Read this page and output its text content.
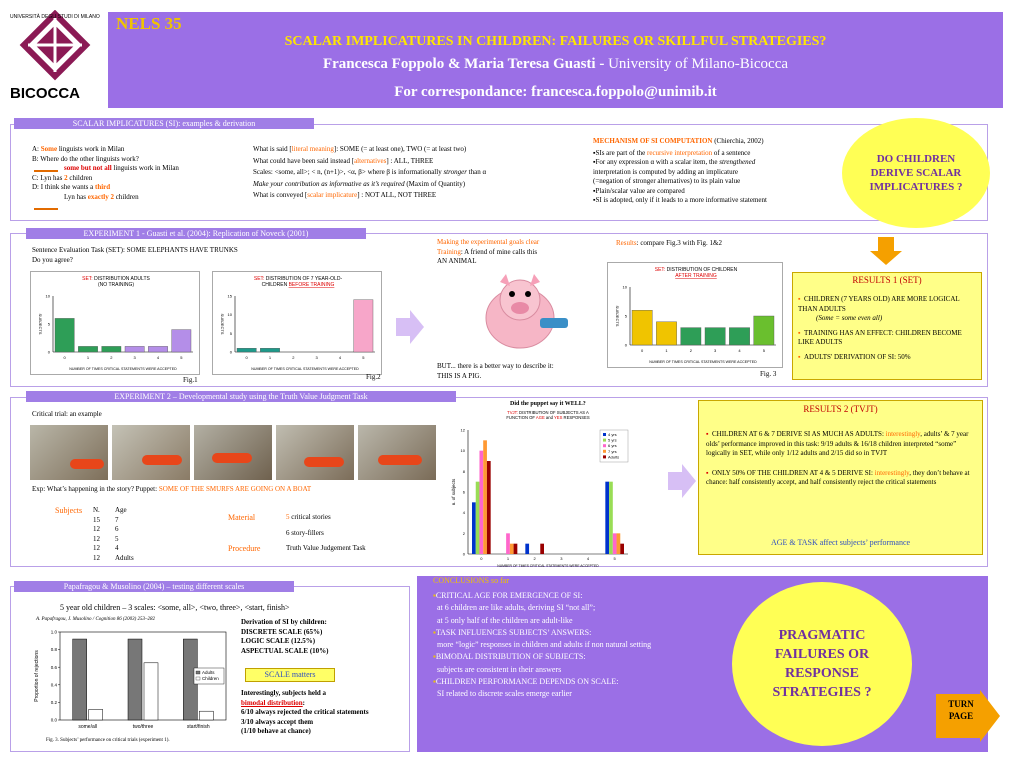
BICOCCA
UNIVERSITÀ DEGLI STUDI DI MILANO NELS 35
SCALAR IMPLICATURES IN CHILDREN: FAILURES OR SKILLFUL STRATEGIES?
Francesca Foppolo & Maria Teresa Guasti - University of Milano-Bicocca
For correspondance: francesca.foppolo@unimib.it
SCALAR IMPLICATURES (SI): examples & derivation
A: Some linguists work in Milan
B: Where do the other linguists work?
some but not all linguists work in Milan
C: Lyn has 2 children
D: I think she wants a third
Lyn has exactly 2 children
What is said [literal meaning]: SOME (= at least one), TWO (= at least two)
What could have been said instead [alternatives] : ALL, THREE
Scales: <some, all>; < n, (n+1)>, <α, β> where β is informationally stronger than α
Make your contribution as informative as it’s required (Maxim of Quantity)
What is conveyed [scalar implicature] : NOT ALL, NOT THREE
MECHANISM OF SI COMPUTATION (Chierchia, 2002)
▪SIs are part of the recursive interpretation of a sentence
▪For any expression α with a scalar item, the strengthened
interpretation is computed by adding an implicature
(=negation of stronger alternatives) to its plain value
▪Plain/scalar value are compared
▪SI is adopted, only if it leads to a more informative statement
DO CHILDREN DERIVE SCALAR IMPLICATURES ?
EXPERIMENT 1 - Guasti et al. (2004): Replication of Noveck (2001)
Sentence Evaluation Task (SET): SOME ELEPHANTS HAVE TRUNKS
Do you agree?
SET: DISTRIBUTION ADULTS
(NO TRAINING)
0
5
10
SUBJECTS
0	1	2	3	4	5
NUMBER OF TIMES CRITICAL STATEMENTS WERE ACCEPTED
Fig.1
SET: DISTRIBUTION OF 7 YEAR-OLD-
CHILDREN BEFORE TRAINING
0
5
10
15
SUBJECTS
0	1	2	3	4	5
NUMBER OF TIMES CRITICAL STATEMENTS WERE ACCEPTED
Fig.2
Making the experimental goals clear
Training: A friend of mine calls this
AN ANIMAL
BUT... there is a better way to describe it:
THIS IS A PIG.
Results: compare Fig.3 with Fig. 1&2
SET: DISTRIBUTION OF CHILDREN
AFTER TRAINING
0
5
10
SUBJECTS
0	1	2	3	4	5
NUMBER OF TIMES CRITICAL STATEMENTS WERE ACCEPTED
Fig. 3
RESULTS 1 (SET)
▪ CHILDREN (7 YEARS OLD) ARE MORE LOGICAL THAN ADULTS
(Some = some even all)
▪ TRAINING HAS AN EFFECT: CHILDREN BECOME LIKE ADULTS
▪ ADULTS' DERIVATION OF SI: 50%
EXPERIMENT 2 – Developmental study using the Truth Value Judgment Task
Critical trial: an example
Exp: What’s happening in the story? Puppet: SOME OF THE SMURFS ARE GOING ON A BOAT
Subjects	N.	Age
15	7
12	6
12	5
12	4
12	Adults
Material	5 critical stories
6 story-fillers
Procedure	Truth Value Judgement Task
Did the puppet say it WELL?
TVJT: DISTRIBUTION OF SUBJECTS AS A
FUNCTION OF AGE and YES RESPONSES
0
2
4
6
8
10
12
n. of subjects
0	1	2	3	4	5
NUMBER OF TIMES CRITICAL STATEMENTS WERE ACCEPTED
4 yrs
5 yrs
6 yrs
7 yrs
Adults
RESULTS 2 (TVJT)
▪ CHILDREN AT 6 & 7 DERIVE SI AS MUCH AS ADULTS: interestingly, adults’ & 7 year olds’ performance improved in this task: 9/19 adults & 16/18 children interpreted “some” logically in SET, while only 1/12 adults and 2/15 did so in TVJT
▪ ONLY 50% OF THE CHILDREN AT 4 & 5 DERIVE SI: interestingly, they don’t behave at chance: half consistently accept, and half consistently reject the critical statements
AGE & TASK affect subjects’ performance
Papafragou & Musolino (2004) – testing different scales
5 year old children – 3 scales: <some, all>, <two, three>, <start, finish>
A. Papafragou, J. Musolino / Cognition 86 (2003) 253–282
0.0
0.2
0.4
0.6
0.8
1.0
Proportion of rejections
some/all	two/three	start/finish
Adults
Children
Fig. 3. Subjects’ performance on critical trials (experiment 1).
Derivation of SI by children:
DISCRETE SCALE (65%)
LOGIC SCALE (12.5%)
ASPECTUAL SCALE (10%)
SCALE matters
Interestingly, subjects held a
bimodal distribution:
6/10 always rejected the critical statements
3/10 always accept them
(1/10 behave at chance)
CONCLUSIONS so far
▪CRITICAL AGE FOR EMERGENCE OF SI:
at 6 children are like adults, deriving SI “not all”;
at 5 only half of the children are adult-like
▪TASK INFLUENCES SUBJECTS’ ANSWERS:
more “logic” responses in children and adults if non natural setting
▪BIMODAL DISTRIBUTION OF SUBJECTS:
subjects are consistent in their answers
▪CHILDREN PERFORMANCE DEPENDS ON SCALE:
SI related to discrete scales emerge earlier
PRAGMATIC FAILURES OR RESPONSE STRATEGIES ?
TURN PAGE
